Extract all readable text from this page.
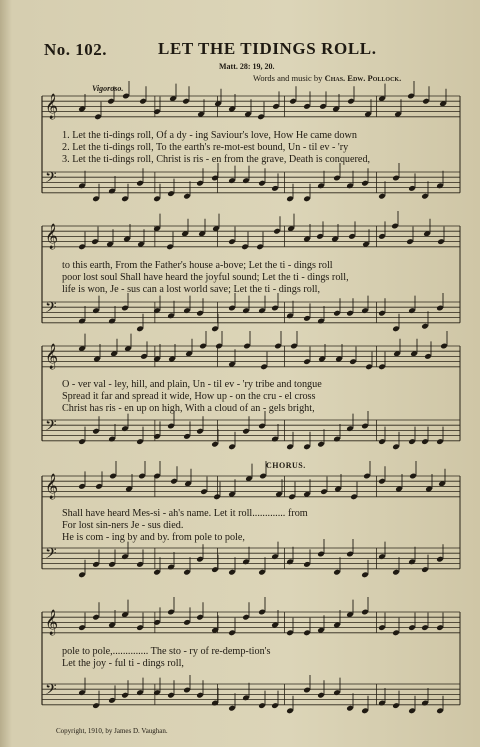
No. 102.	LET THE TIDINGS ROLL.
Matt. 28: 19, 20.
Words and music by Chas. Edw. Pollock.
Vigoroso.
CHORUS.
𝄞
𝄢
𝄞
𝄢
𝄞
𝄢
𝄞
𝄢
𝄞
𝄢
1. Let the ti-dings roll, Of a dy - ing Saviour's love, How He came down
2. Let the ti-dings roll, To the earth's re-mot-est bound, Un - til ev - 'ry
3. Let the ti-dings roll, Christ is ris - en from the grave, Death is conquered,
to this earth, From the Father's house a-bove; Let the ti - dings roll
poor lost soul Shall have heard the joyful sound; Let the ti - dings roll,
life is won, Je - sus can a lost world save; Let the ti - dings roll,
O - ver val - ley, hill, and plain, Un - til ev - 'ry tribe and tongue
Spread it far and spread it wide, How up - on the cru - el cross
Christ has ris - en up on high, With a cloud of an - gels bright,
Shall have heard Mes-si - ah's name. Let it roll............. from
For lost sin-ners Je - sus died.
He is com - ing by and by. from pole to pole,
pole to pole,.............. The sto - ry of re-demp-tion's
Let the joy - ful ti - dings roll,
Copyright, 1910, by James D. Vaughan.
